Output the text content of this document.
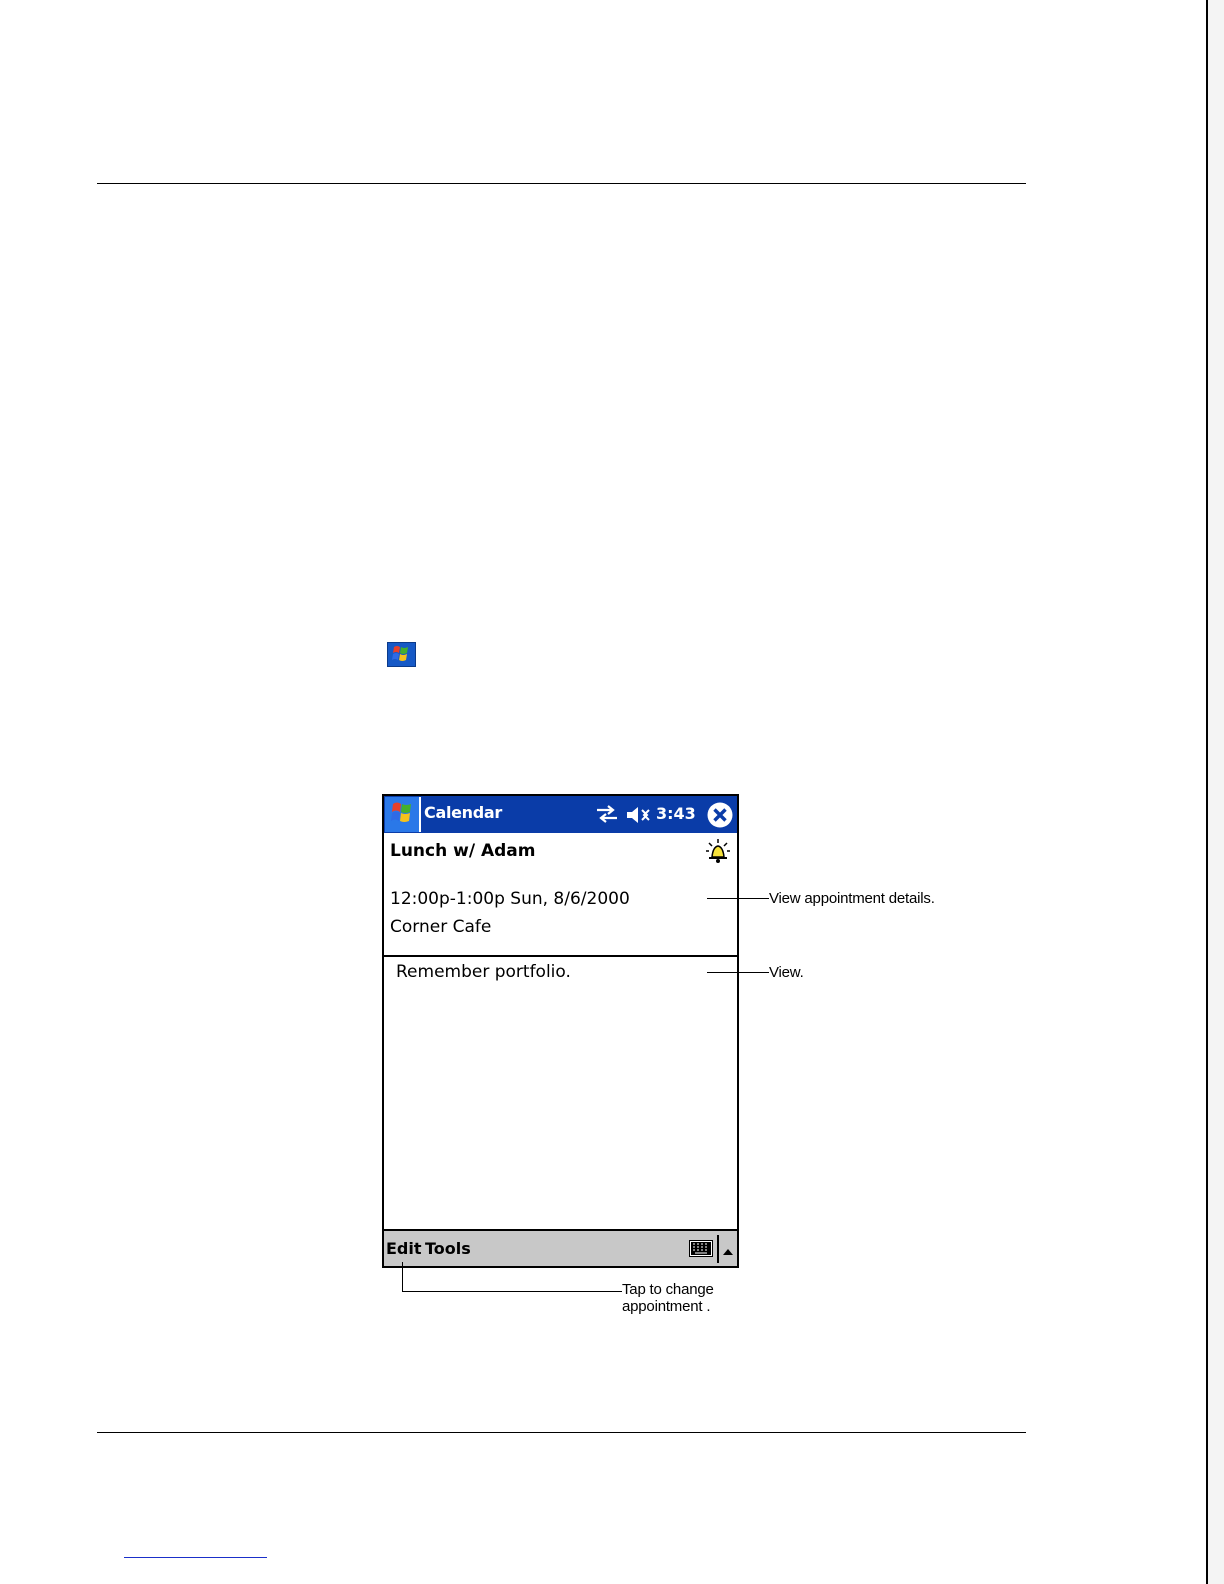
Calendar	3:43
Lunch w/ Adam
12:00p-1:00p Sun, 8/6/2000
Corner Cafe
Remember portfolio.
Edit Tools
View appointment details.
View.
Tap to change
appointment .
